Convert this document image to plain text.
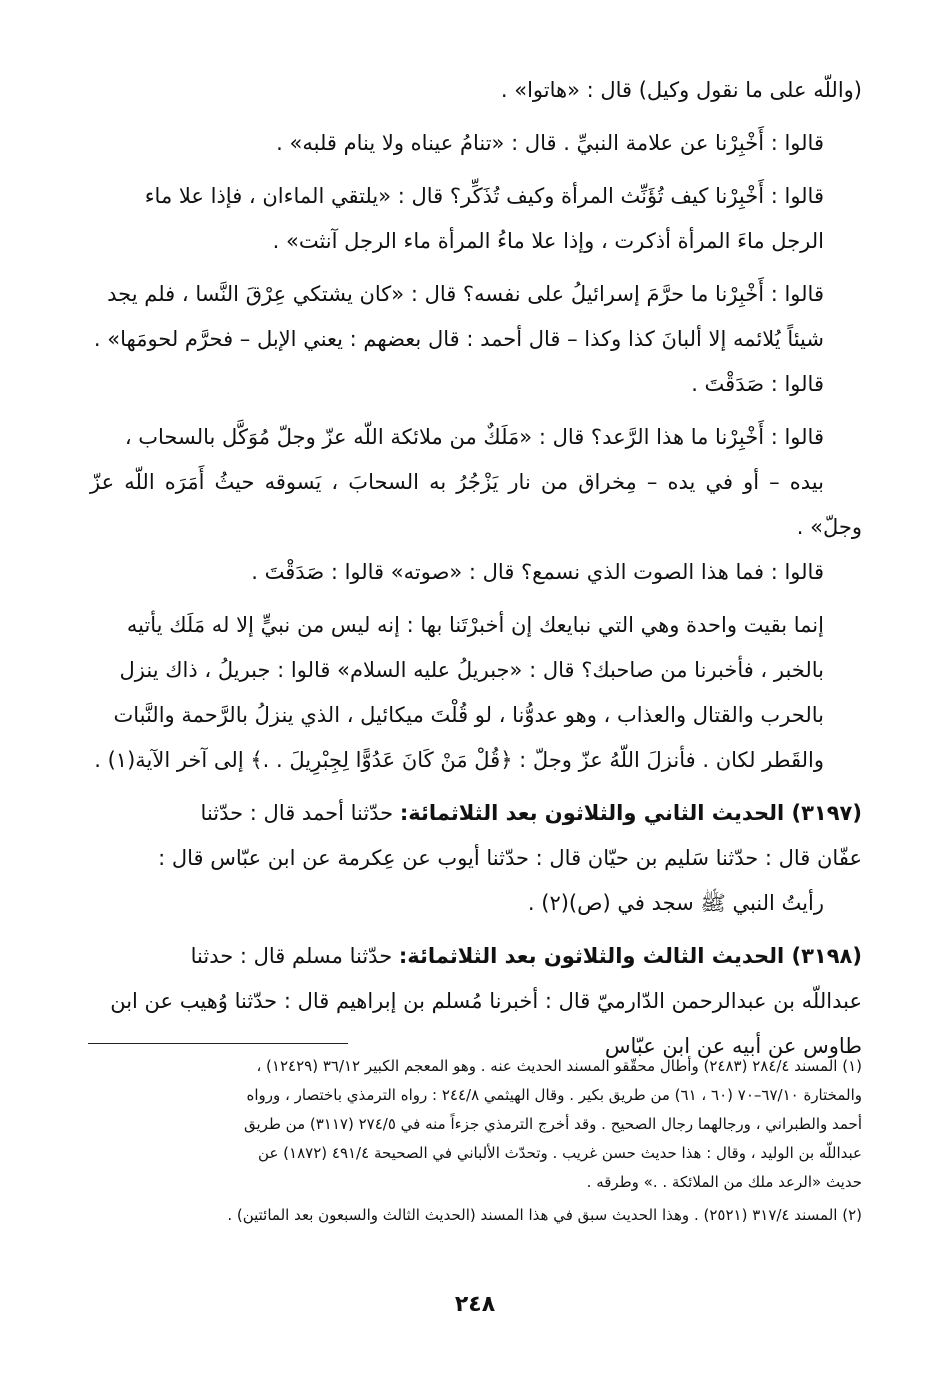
(واللّه على ما نقول وكيل) قال : «هاتوا» .

قالوا : أَخْبِرْنا عن علامة النبيِّ . قال : «تنامُ عيناه ولا ينام قلبه» .

قالوا : أَخْبِرْنا كيف تُؤَنِّث المرأة وكيف تُذَكِّر؟ قال : «يلتقي الماءان ، فإذا علا ماء
الرجل ماءَ المرأة أذكرت ، وإذا علا ماءُ المرأة ماء الرجل آنثت» .

قالوا : أَخْبِرْنا ما حرَّمَ إسرائيلُ على نفسه؟ قال : «كان يشتكي عِرْقَ النَّسا ، فلم يجد
شيئاً يُلائمه إلا ألبانَ كذا وكذا – قال أحمد : قال بعضهم : يعني الإبل – فحرَّم لحومَها» .
قالوا : صَدَقْتَ .

قالوا : أَخْبِرْنا ما هذا الرَّعد؟ قال : «مَلَكٌ من ملائكة اللّه عزّ وجلّ مُوَكَّل بالسحاب ،
بيده – أو في يده – مِخراق من نار يَزْجُرُ به السحابَ ، يَسوقه حيثُ أَمَرَه اللّه عزّ وجلّ» .
قالوا : فما هذا الصوت الذي نسمع؟ قال : «صوته» قالوا : صَدَقْتَ .

إنما بقيت واحدة وهي التي نبايعك إن أخبرْتَنا بها : إنه ليس من نبيٍّ إلا له مَلَك يأتيه
بالخبر ، فأخبرنا من صاحبك؟ قال : «جبريلُ عليه السلام» قالوا : جبريلُ ، ذاك ينزل
بالحرب والقتال والعذاب ، وهو عدوُّنا ، لو قُلْتَ ميكائيل ، الذي ينزلُ بالرَّحمة والنَّبات
والقَطر لكان . فأنزلَ اللّهُ عزّ وجلّ : ﴿قُلْ مَنْ كَانَ عَدُوًّا لِجِبْرِيلَ . .﴾ إلى آخر الآية(١) .

(٣١٩٧) الحديث الثاني والثلاثون بعد الثلاثمائة: حدّثنا أحمد قال : حدّثنا
عفّان قال : حدّثنا سَليم بن حيّان قال : حدّثنا أيوب عن عِكرمة عن ابن عبّاس قال :
رأيتُ النبي ﷺ سجد في (ص)(٢) .

(٣١٩٨) الحديث الثالث والثلاثون بعد الثلاثمائة: حدّثنا مسلم قال : حدثنا
عبداللّه بن عبدالرحمن الدّارميّ قال : أخبرنا مُسلم بن إبراهيم قال : حدّثنا وُهيب عن ابن
طاوس عن أبيه عن ابن عبّاس

(١) المسند ٢٨٤/٤ (٢٤٨٣) وأطال محقّقو المسند الحديث عنه . وهو المعجم الكبير ٣٦/١٢ (١٢٤٢٩) ،
والمختارة ٦٧/١٠–٧٠ (٦٠ ، ٦١) من طريق بكير . وقال الهيثمي ٢٤٤/٨ : رواه الترمذي باختصار ، ورواه
أحمد والطبراني ، ورجالهما رجال الصحيح . وقد أخرج الترمذي جزءاً منه في ٢٧٤/٥ (٣١١٧) من طريق
عبداللّه بن الوليد ، وقال : هذا حديث حسن غريب . وتحدّث الألباني في الصحيحة ٤٩١/٤ (١٨٧٢) عن
حديث «الرعد ملك من الملائكة . .» وطرقه .
(٢) المسند ٣١٧/٤ (٢٥٢١) . وهذا الحديث سبق في هذا المسند (الحديث الثالث والسبعون بعد المائتين) .
٢٤٨
